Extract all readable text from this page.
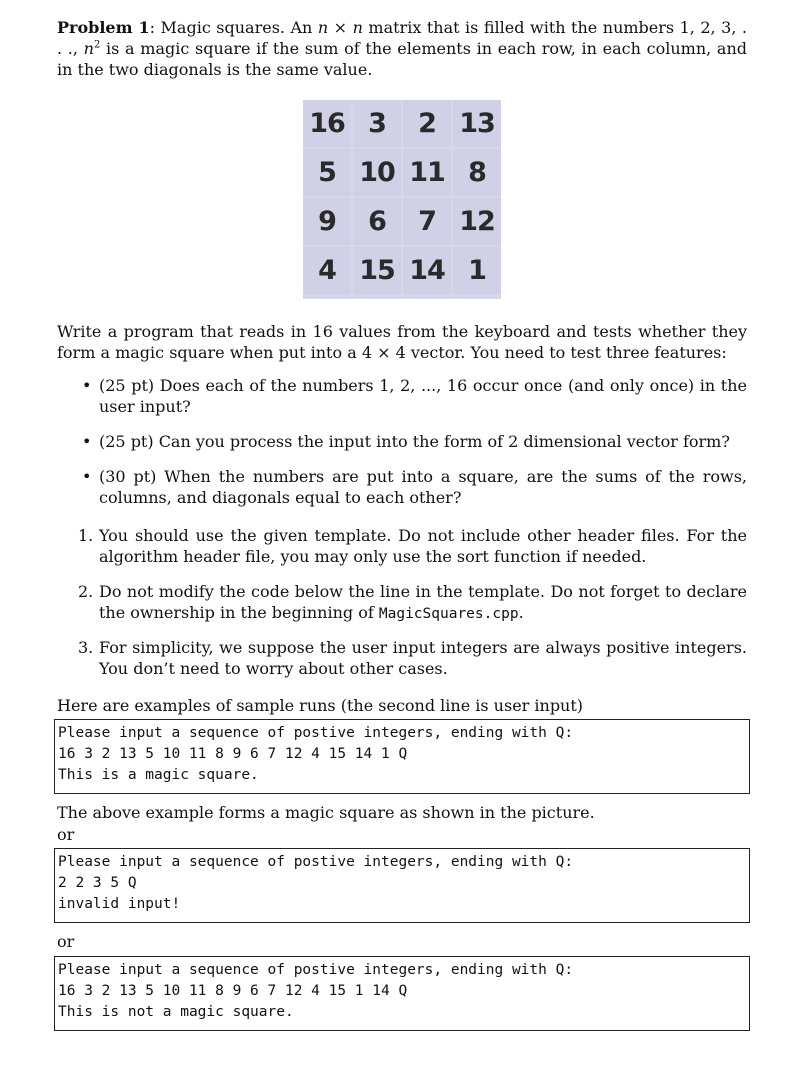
Problem 1: Magic squares. An n × n matrix that is filled with the numbers 1, 2, 3, . . ., $n^2$ is a magic square if the sum of the elements in each row, in each column, and in the two diagonals is the same value.
16 3	2 13
5 10 11 8
9	6	7 12
4 15 14 1
Write a program that reads in 16 values from the keyboard and tests whether they form a magic square when put into a 4 × 4 vector. You need to test three features:
• (25 pt) Does each of the numbers 1, 2, ..., 16 occur once (and only once) in the user input?
• (25 pt) Can you process the input into the form of 2 dimensional vector form?
• (30 pt) When the numbers are put into a square, are the sums of the rows, columns, and diagonals equal to each other?
1. You should use the given template. Do not include other header files. For the algorithm header file, you may only use the sort function if needed.
2. Do not modify the code below the line in the template. Do not forget to declare the ownership in the beginning of MagicSquares.cpp.
3. For simplicity, we suppose the user input integers are always positive integers. You don’t need to worry about other cases.
Here are examples of sample runs (the second line is user input)
Please input a sequence of postive integers, ending with Q:
16 3 2 13 5 10 11 8 9 6 7 12 4 15 14 1 Q
This is a magic square.
The above example forms a magic square as shown in the picture.
or
Please input a sequence of postive integers, ending with Q:
2 2 3 5 Q
invalid input!
or
Please input a sequence of postive integers, ending with Q:
16 3 2 13 5 10 11 8 9 6 7 12 4 15 1 14 Q
This is not a magic square.
